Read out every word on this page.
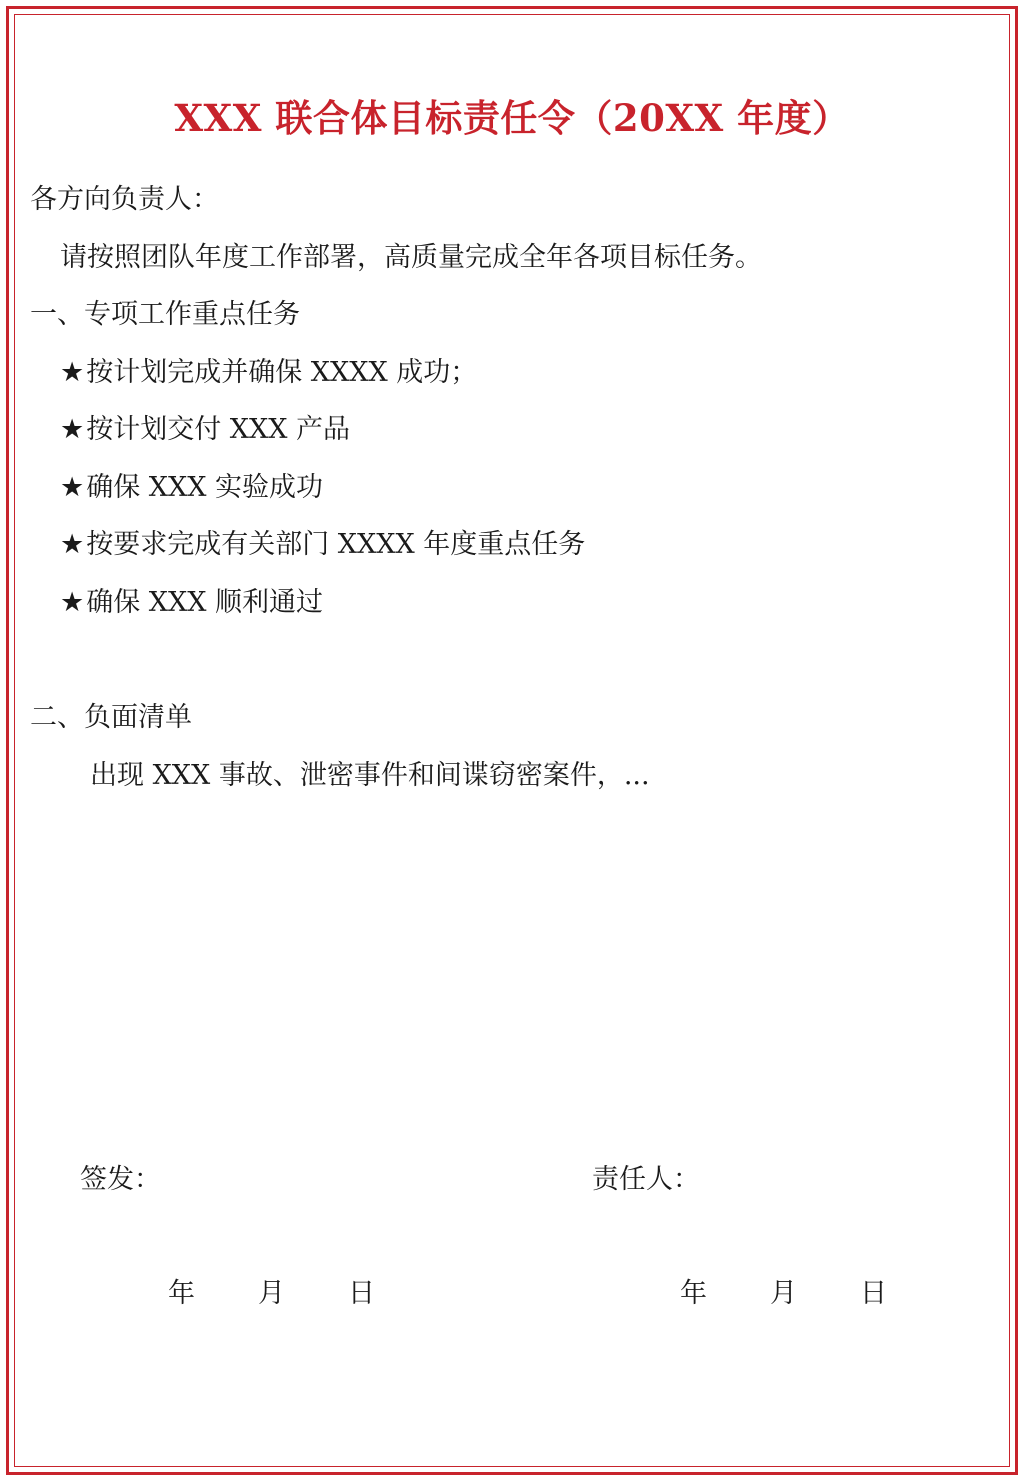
XXX 联合体目标责任令（20XX 年度）
各方向负责人：
请按照团队年度工作部署，高质量完成全年各项目标任务。
一、专项工作重点任务
★按计划完成并确保 XXXX 成功；
★按计划交付 XXX 产品
★确保 XXX 实验成功
★按要求完成有关部门 XXXX 年度重点任务
★确保 XXX 顺利通过
二、负面清单
出现 XXX 事故、泄密事件和间谍窃密案件，...
签发：	责任人：
年 月 日	年 月 日
